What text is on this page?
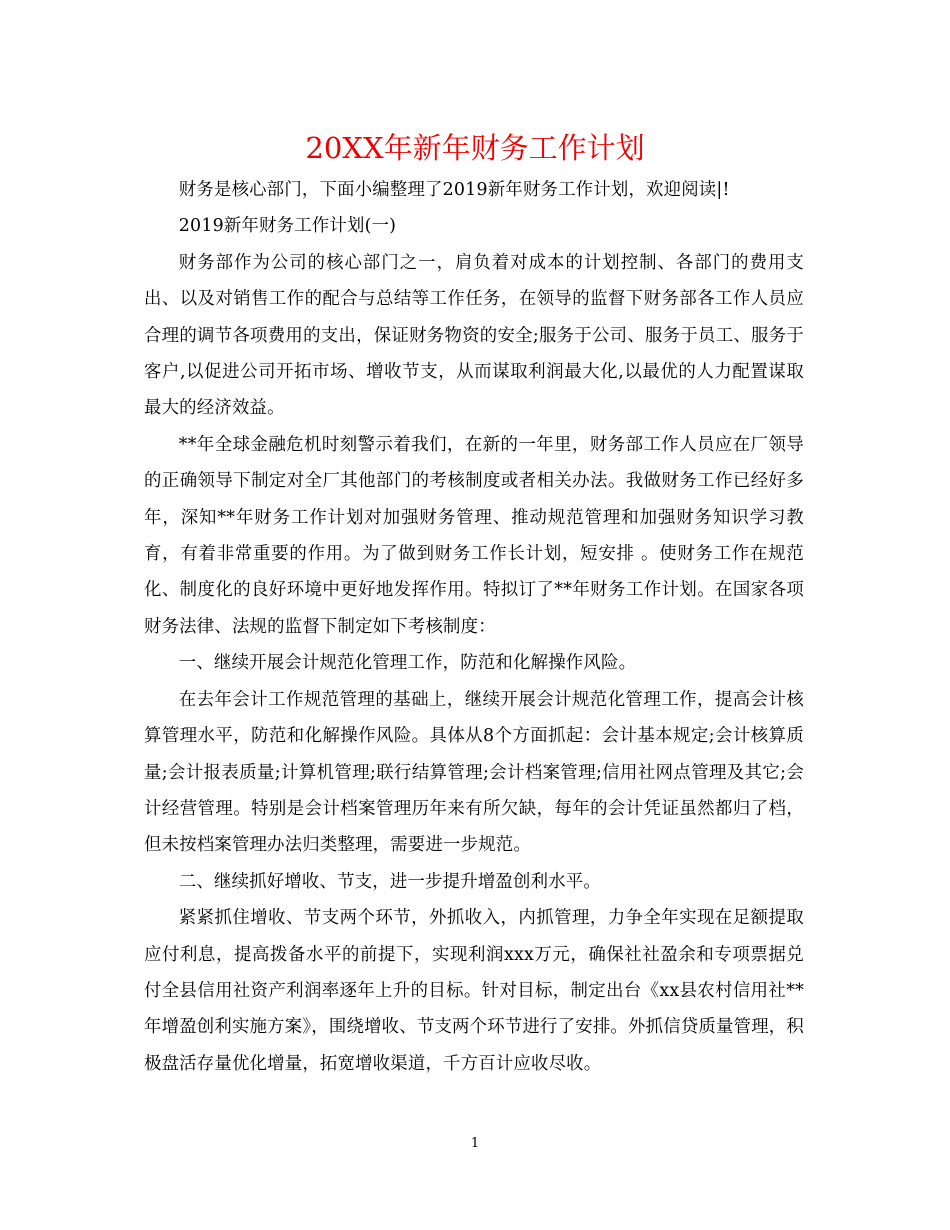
20XX年新年财务工作计划

财务是核心部门，下面小编整理了2019新年财务工作计划，欢迎阅读|!

2019新年财务工作计划(一)

财务部作为公司的核心部门之一，肩负着对成本的计划控制、各部门的费用支出、以及对销售工作的配合与总结等工作任务，在领导的监督下财务部各工作人员应合理的调节各项费用的支出，保证财务物资的安全;服务于公司、服务于员工、服务于客户,以促进公司开拓市场、增收节支，从而谋取利润最大化,以最优的人力配置谋取最大的经济效益。

**年全球金融危机时刻警示着我们，在新的一年里，财务部工作人员应在厂领导的正确领导下制定对全厂其他部门的考核制度或者相关办法。我做财务工作已经好多年，深知**年财务工作计划对加强财务管理、推动规范管理和加强财务知识学习教育，有着非常重要的作用。为了做到财务工作长计划，短安排 。使财务工作在规范化、制度化的良好环境中更好地发挥作用。特拟订了**年财务工作计划。在国家各项财务法律、法规的监督下制定如下考核制度：

一、继续开展会计规范化管理工作，防范和化解操作风险。

在去年会计工作规范管理的基础上，继续开展会计规范化管理工作，提高会计核算管理水平，防范和化解操作风险。具体从8个方面抓起：会计基本规定;会计核算质量;会计报表质量;计算机管理;联行结算管理;会计档案管理;信用社网点管理及其它;会计经营管理。特别是会计档案管理历年来有所欠缺，每年的会计凭证虽然都归了档，但未按档案管理办法归类整理，需要进一步规范。

二、继续抓好增收、节支，进一步提升增盈创利水平。

紧紧抓住增收、节支两个环节，外抓收入，内抓管理，力争全年实现在足额提取应付利息，提高拨备水平的前提下，实现利润xxx万元，确保社社盈余和专项票据兑付全县信用社资产利润率逐年上升的目标。针对目标，制定出台《xx县农村信用社**年增盈创利实施方案》，围绕增收、节支两个环节进行了安排。外抓信贷质量管理，积极盘活存量优化增量，拓宽增收渠道，千方百计应收尽收。

1
